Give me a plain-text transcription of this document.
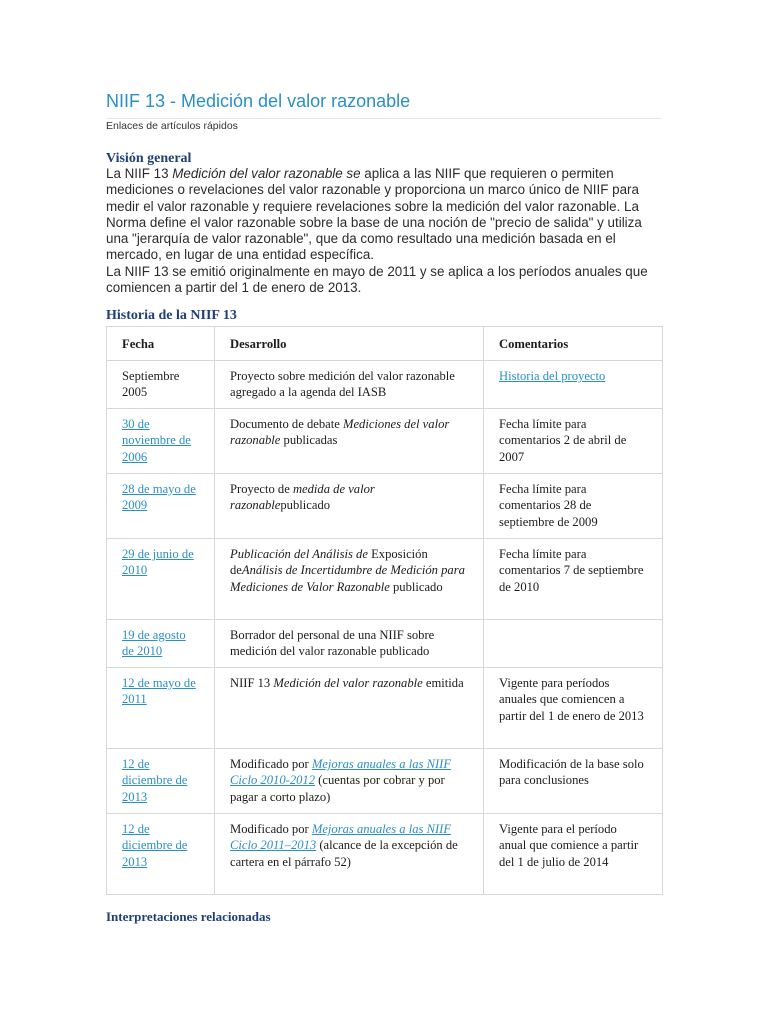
NIIF 13 - Medición del valor razonable
Enlaces de artículos rápidos
Visión general

La NIIF 13 Medición del valor razonable se aplica a las NIIF que requieren o permiten mediciones o revelaciones del valor razonable y proporciona un marco único de NIIF para medir el valor razonable y requiere revelaciones sobre la medición del valor razonable. La Norma define el valor razonable sobre la base de una noción de "precio de salida" y utiliza una "jerarquía de valor razonable", que da como resultado una medición basada en el mercado, en lugar de una entidad específica.

La NIIF 13 se emitió originalmente en mayo de 2011 y se aplica a los períodos anuales que comiencen a partir del 1 de enero de 2013.

Historia de la NIIF 13
Fecha	Desarrollo	Comentarios
Septiembre 2005	Proyecto sobre medición del valor razonable agregado a la agenda del IASB	Historia del proyecto
30 de noviembre de 2006	Documento de debate Mediciones del valor razonable publicadas	Fecha límite para comentarios 2 de abril de 2007
28 de mayo de 2009	Proyecto de medida de valor razonablepublicado	Fecha límite para comentarios 28 de septiembre de 2009
29 de junio de 2010	Publicación del Análisis de Exposición deAnálisis de Incertidumbre de Medición para Mediciones de Valor Razonable publicado	Fecha límite para comentarios 7 de septiembre de 2010
19 de agosto de 2010	Borrador del personal de una NIIF sobre medición del valor razonable publicado	
12 de mayo de 2011	NIIF 13 Medición del valor razonable emitida	Vigente para períodos anuales que comiencen a partir del 1 de enero de 2013
12 de diciembre de 2013	Modificado por Mejoras anuales a las NIIF Ciclo 2010-2012 (cuentas por cobrar y por pagar a corto plazo)	Modificación de la base solo para conclusiones
12 de diciembre de 2013	Modificado por Mejoras anuales a las NIIF Ciclo 2011–2013 (alcance de la excepción de cartera en el párrafo 52)	Vigente para el período anual que comience a partir del 1 de julio de 2014
Interpretaciones relacionadas
